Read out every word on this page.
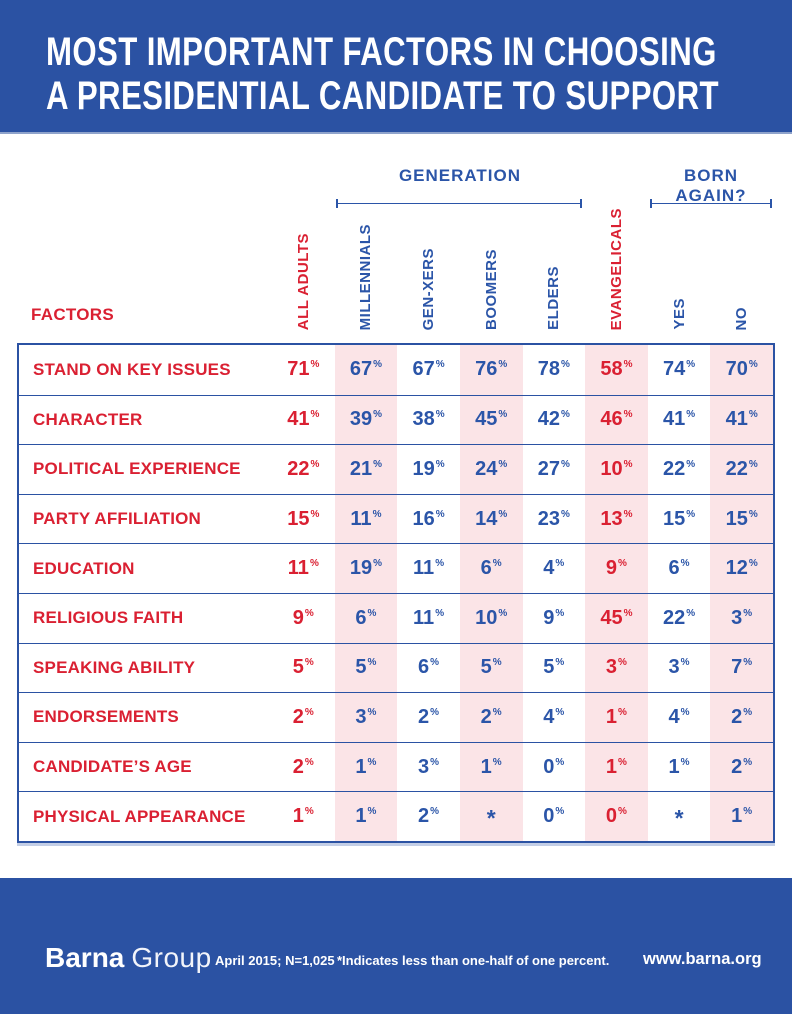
MOST IMPORTANT FACTORS IN CHOOSING
A PRESIDENTIAL CANDIDATE TO SUPPORT
GENERATION	BORN AGAIN?
ALL ADULTS	MILLENNIALS	GEN-XERS	BOOMERS	ELDERS	EVANGELICALS	YES	NO
FACTORS
STAND ON KEY ISSUES	71%	67%	67%	76%	78%	58%	74%	70%
CHARACTER	41%	39%	38%	45%	42%	46%	41%	41%
POLITICAL EXPERIENCE	22%	21%	19%	24%	27%	10%	22%	22%
PARTY AFFILIATION	15%	11%	16%	14%	23%	13%	15%	15%
EDUCATION	11%	19%	11%	6%	4%	9%	6%	12%
RELIGIOUS FAITH	9%	6%	11%	10%	9%	45%	22%	3%
SPEAKING ABILITY	5%	5%	6%	5%	5%	3%	3%	7%
ENDORSEMENTS	2%	3%	2%	2%	4%	1%	4%	2%
CANDIDATE’S AGE	2%	1%	3%	1%	0%	1%	1%	2%
PHYSICAL APPEARANCE	1%	1%	2%	*	0%	0%	*	1%
Barna Group April 2015; N=1,025 *Indicates less than one-half of one percent. www.barna.org
